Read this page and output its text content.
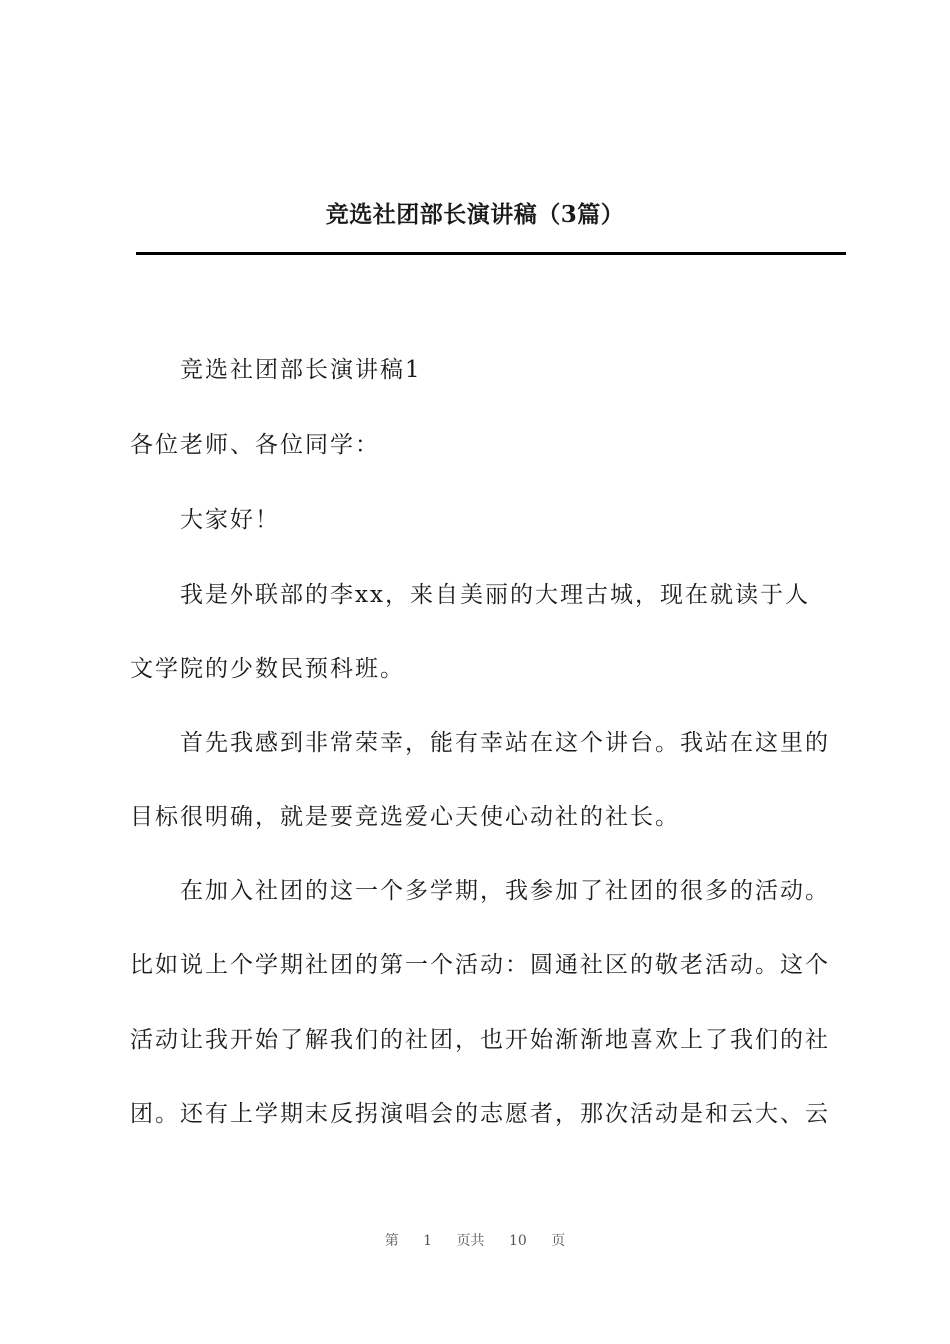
竞选社团部长演讲稿（3篇）

竞选社团部长演讲稿1

各位老师、各位同学：

大家好！

我是外联部的李xx，来自美丽的大理古城，现在就读于人

文学院的少数民预科班。

首先我感到非常荣幸，能有幸站在这个讲台。我站在这里的

目标很明确，就是要竞选爱心天使心动社的社长。

在加入社团的这一个多学期，我参加了社团的很多的活动。

比如说上个学期社团的第一个活动：圆通社区的敬老活动。这个

活动让我开始了解我们的社团，也开始渐渐地喜欢上了我们的社

团。还有上学期末反拐演唱会的志愿者，那次活动是和云大、云

第 1 页共 10 页
